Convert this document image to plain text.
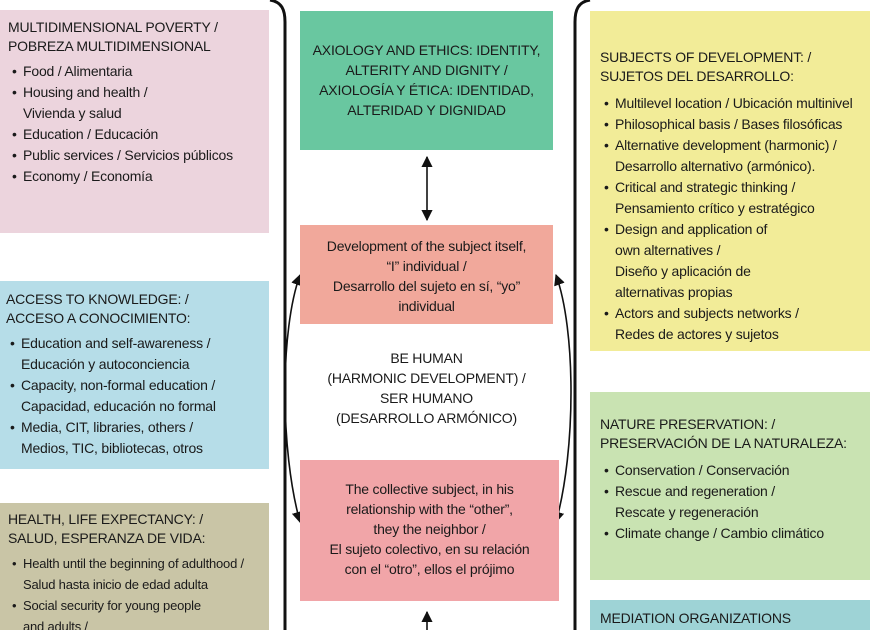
MULTIDIMENSIONAL POVERTY /
POBREZA MULTIDIMENSIONAL
• Food / Alimentaria
• Housing and health /
Vivienda y salud
• Education / Educación
• Public services / Servicios públicos
• Economy / Economía
ACCESS TO KNOWLEDGE: /
ACCESO A CONOCIMIENTO:
• Education and self-awareness /
Educación y autoconciencia
• Capacity, non-formal education /
Capacidad, educación no formal
• Media, CIT, libraries, others /
Medios, TIC, bibliotecas, otros
HEALTH, LIFE EXPECTANCY: /
SALUD, ESPERANZA DE VIDA:
• Health until the beginning of adulthood /
Salud hasta inicio de edad adulta
• Social security for young people
and adults /
AXIOLOGY AND ETHICS: IDENTITY,
ALTERITY AND DIGNITY /
AXIOLOGÍA Y ÉTICA: IDENTIDAD,
ALTERIDAD Y DIGNIDAD
Development of the subject itself,
“I” individual /
Desarrollo del sujeto en sí, “yo”
individual
BE HUMAN
(HARMONIC DEVELOPMENT) /
SER HUMANO
(DESARROLLO ARMÓNICO)
The collective subject, in his
relationship with the “other”,
they the neighbor /
El sujeto colectivo, en su relación
con el “otro”, ellos el prójimo
SUBJECTS OF DEVELOPMENT: /
SUJETOS DEL DESARROLLO:
• Multilevel location / Ubicación multinivel
• Philosophical basis / Bases filosóficas
• Alternative development (harmonic) /
Desarrollo alternativo (armónico).
• Critical and strategic thinking /
Pensamiento crítico y estratégico
• Design and application of
own alternatives /
Diseño y aplicación de
alternativas propias
• Actors and subjects networks /
Redes de actores y sujetos
NATURE PRESERVATION: /
PRESERVACIÓN DE LA NATURALEZA:
• Conservation / Conservación
• Rescue and regeneration /
Rescate y regeneración
• Climate change / Cambio climático
MEDIATION ORGANIZATIONS
